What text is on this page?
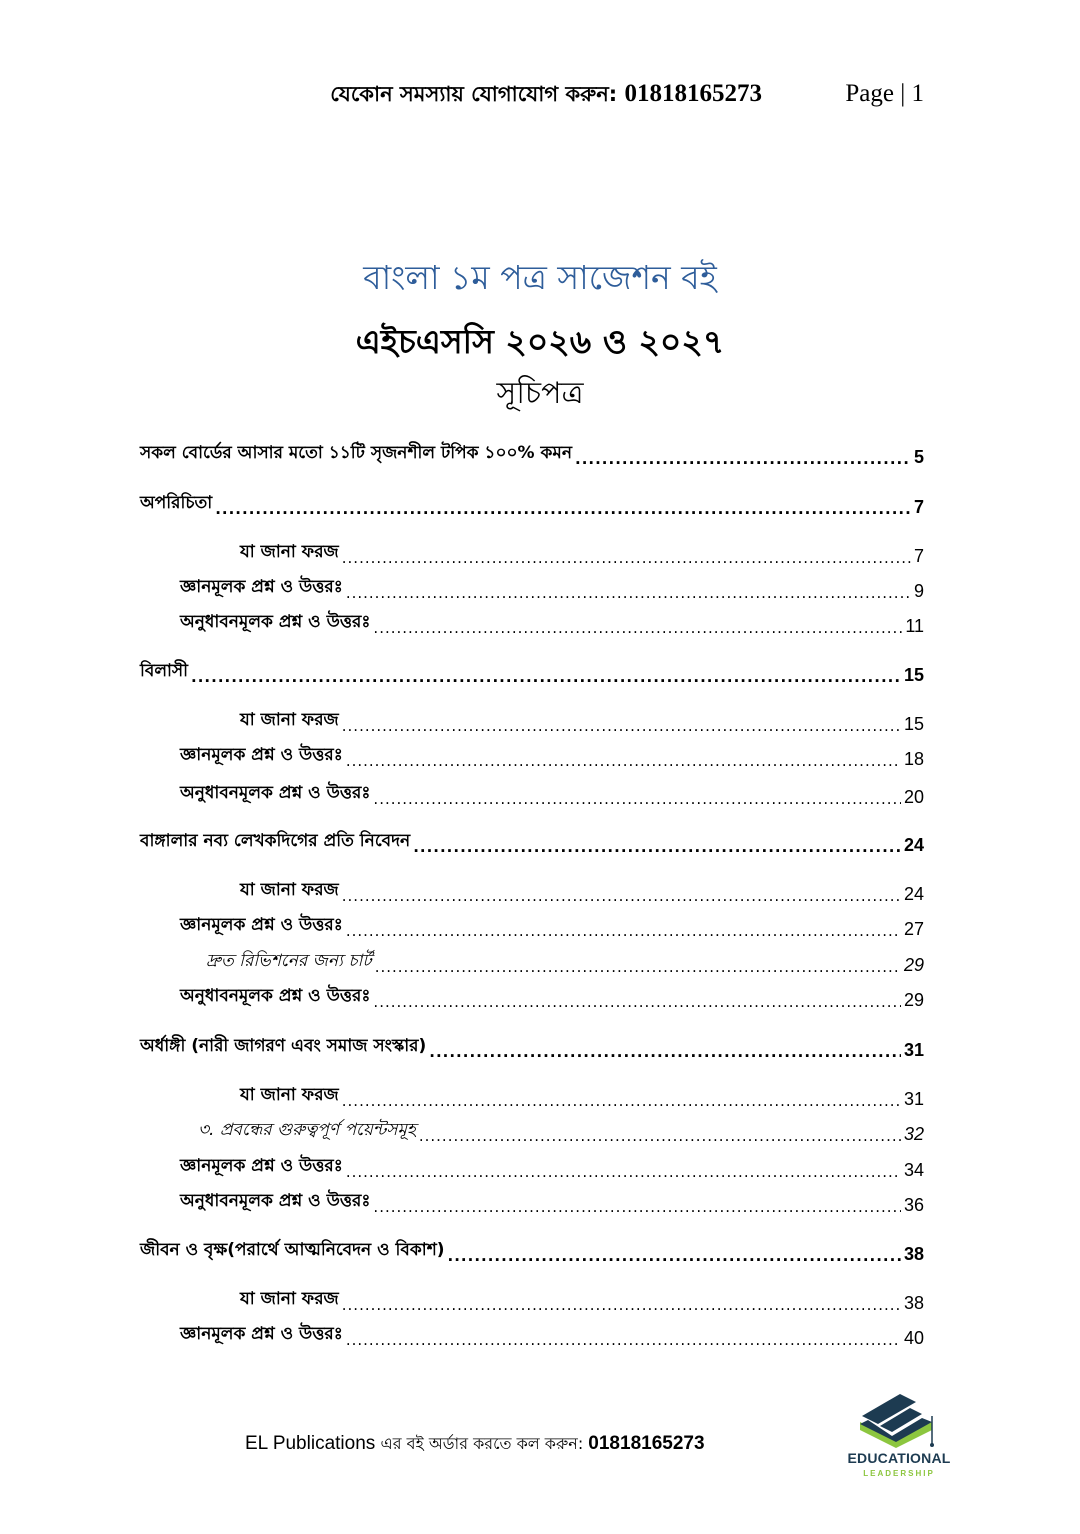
যেকোন সমস্যায় যোগাযোগ করুন: 01818165273	Page | 1
বাংলা ১ম পত্র সাজেশন বই
এইচএসসি ২০২৬ ও ২০২৭
সূচিপত্র
সকল বোর্ডের আসার মতো ১১টি সৃজনশীল টপিক ১০০% কমন .....	5
অপরিচিতা .....	7
যা জানা ফরজ .....	7
জ্ঞানমূলক প্রশ্ন ও উত্তরঃ .....	9
অনুধাবনমূলক প্রশ্ন ও উত্তরঃ .....	11
বিলাসী .....	15
যা জানা ফরজ .....	15
জ্ঞানমূলক প্রশ্ন ও উত্তরঃ .....	18
অনুধাবনমূলক প্রশ্ন ও উত্তরঃ .....	20
বাঙ্গালার নব্য লেখকদিগের প্রতি নিবেদন .....	24
যা জানা ফরজ .....	24
জ্ঞানমূলক প্রশ্ন ও উত্তরঃ .....	27
দ্রুত রিভিশনের জন্য চার্ট .....	29
অনুধাবনমূলক প্রশ্ন ও উত্তরঃ .....	29
অর্ধাঙ্গী (নারী জাগরণ এবং সমাজ সংস্কার) .....	31
যা জানা ফরজ .....	31
৩. প্রবন্ধের গুরুত্বপূর্ণ পয়েন্টসমূহ .....	32
জ্ঞানমূলক প্রশ্ন ও উত্তরঃ .....	34
অনুধাবনমূলক প্রশ্ন ও উত্তরঃ .....	36
জীবন ও বৃক্ষ(পরার্থে আত্মনিবেদন ও বিকাশ) .....	38
যা জানা ফরজ .....	38
জ্ঞানমূলক প্রশ্ন ও উত্তরঃ .....	40
EL Publications এর বই অর্ডার করতে কল করুন: 01818165273
EDUCATIONAL
LEADERSHIP
